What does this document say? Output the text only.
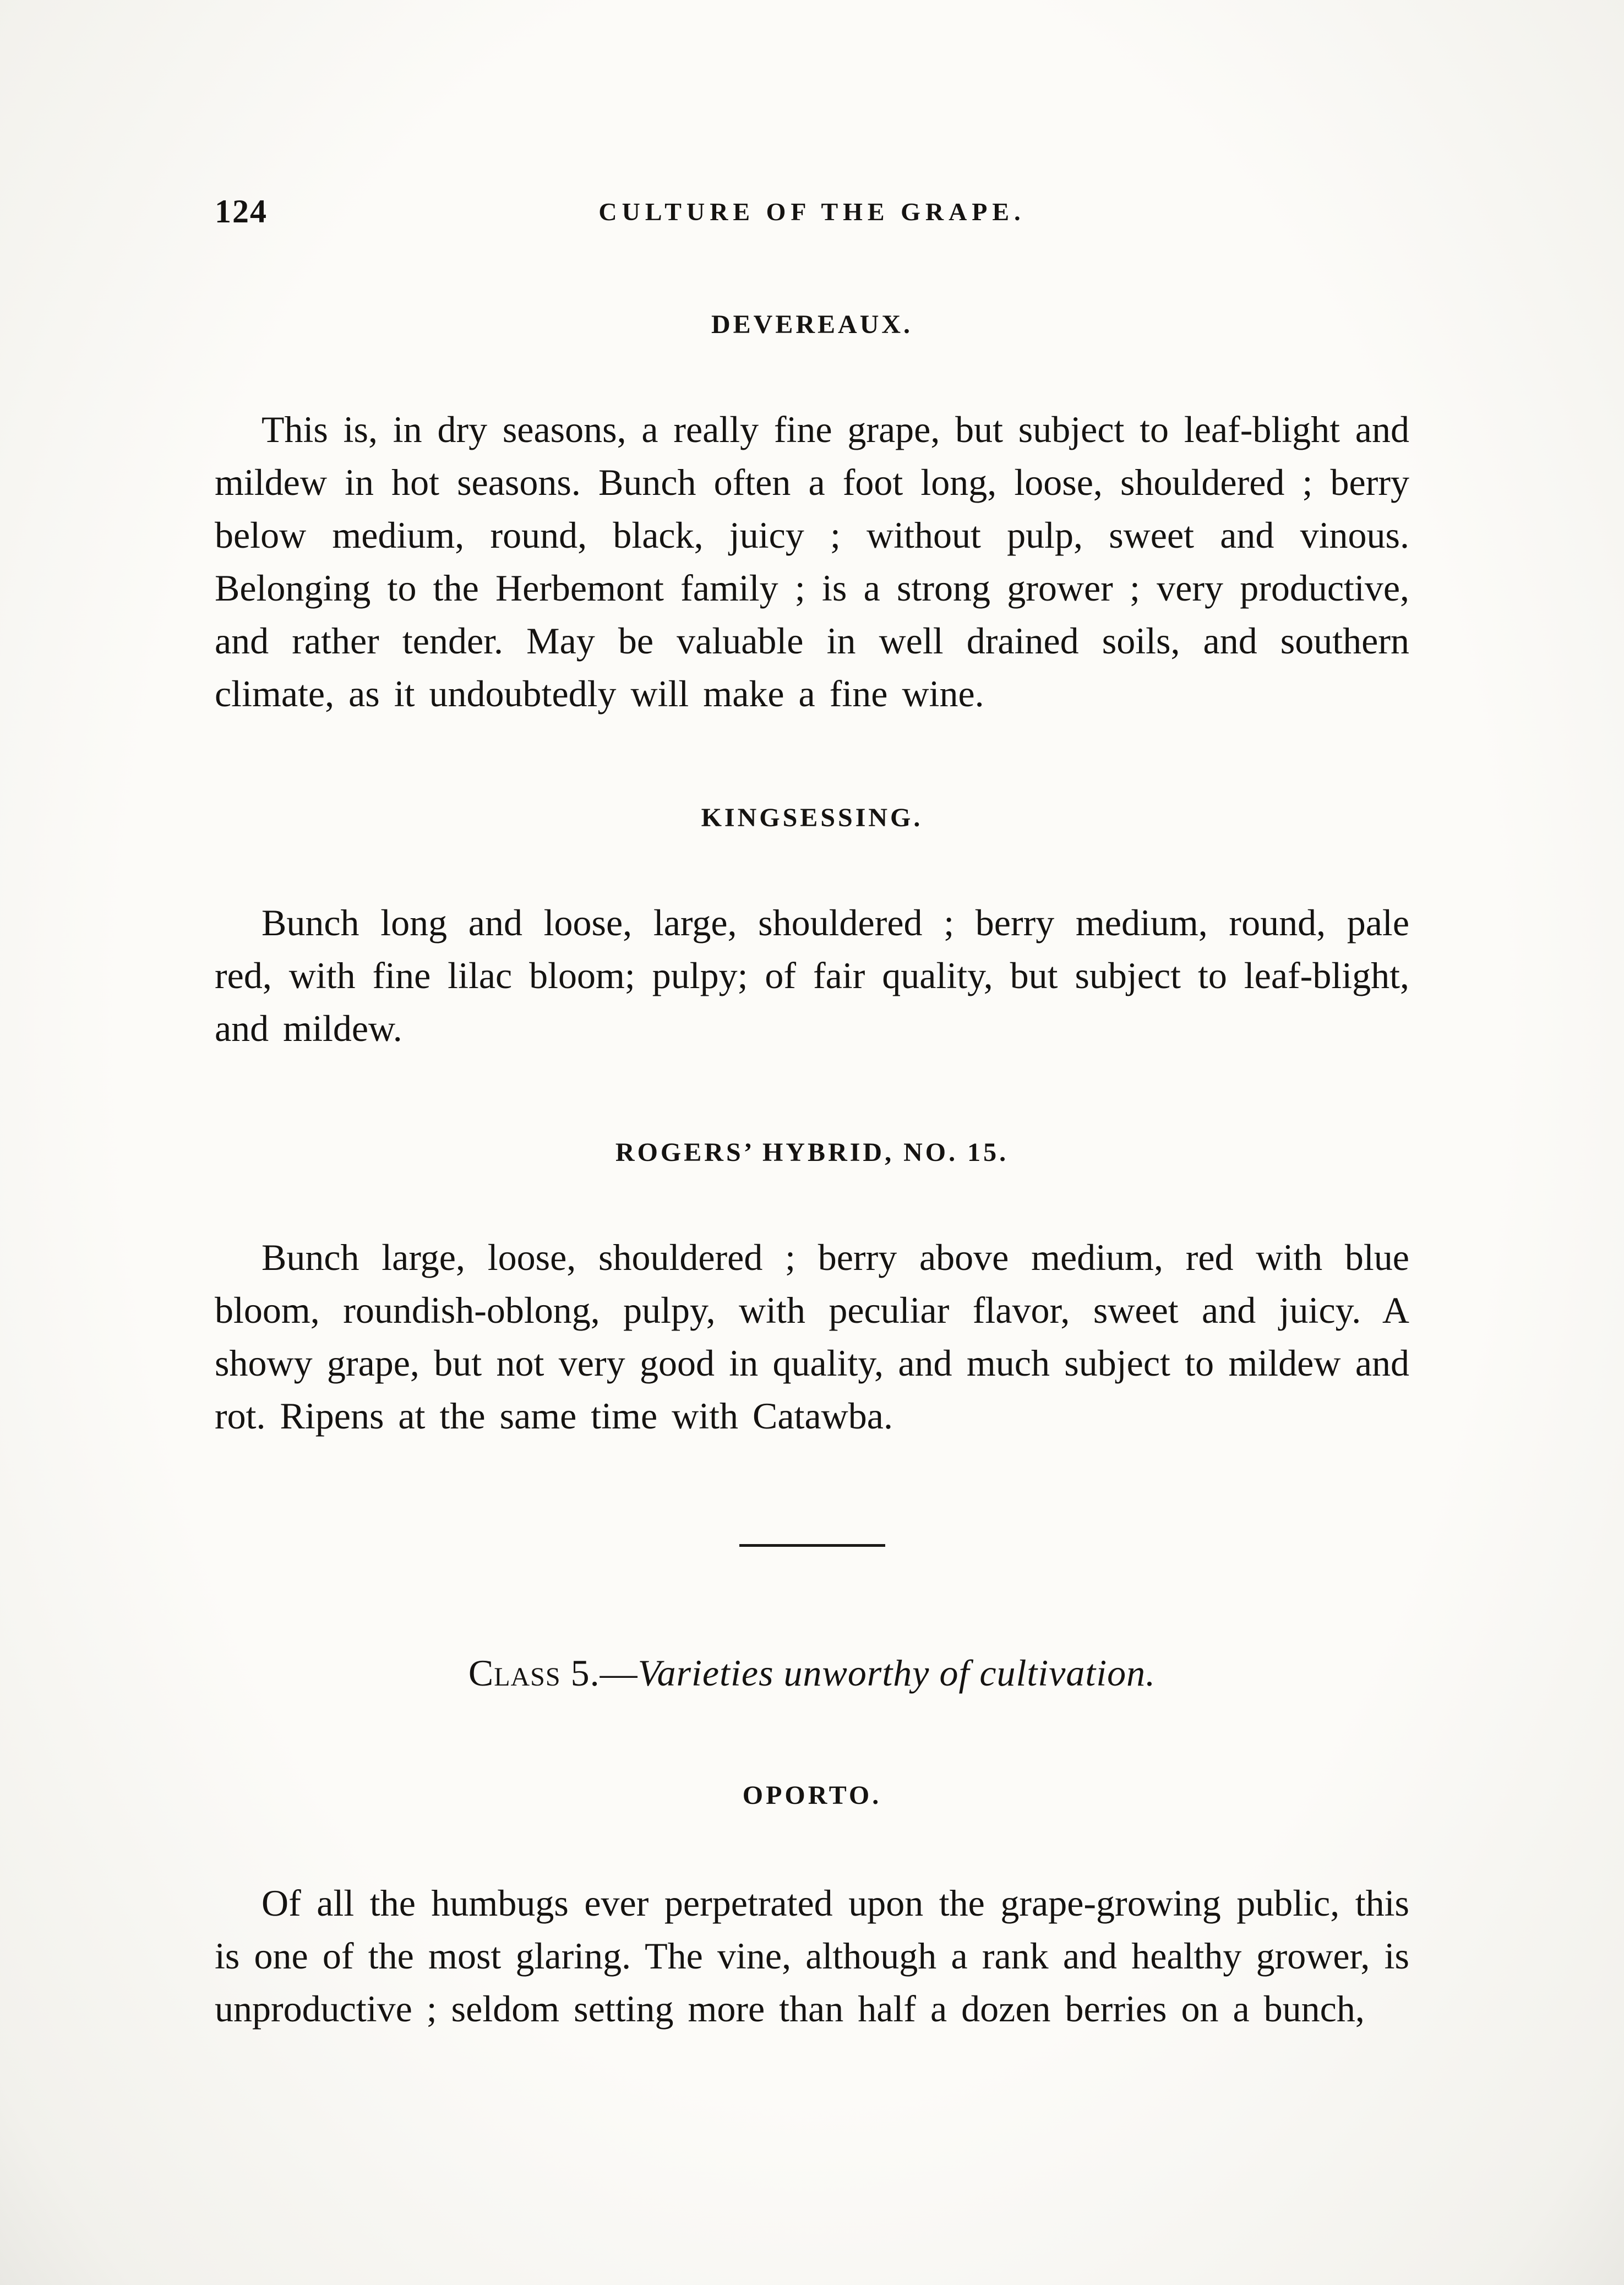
124	CULTURE OF THE GRAPE.
DEVEREAUX.

This is, in dry seasons, a really fine grape, but subject to leaf-blight and mildew in hot seasons. Bunch often a foot long, loose, shouldered ; berry below medium, round, black, juicy ; without pulp, sweet and vinous. Belonging to the Herbemont family ; is a strong grower ; very productive, and rather tender. May be valuable in well drained soils, and southern climate, as it undoubtedly will make a fine wine.

KINGSESSING.

Bunch long and loose, large, shouldered ; berry medium, round, pale red, with fine lilac bloom; pulpy; of fair quality, but subject to leaf-blight, and mildew.

ROGERS’ HYBRID, NO. 15.

Bunch large, loose, shouldered ; berry above medium, red with blue bloom, roundish-oblong, pulpy, with peculiar flavor, sweet and juicy. A showy grape, but not very good in quality, and much subject to mildew and rot. Ripens at the same time with Catawba.

Class 5.—Varieties unworthy of cultivation.
OPORTO.

Of all the humbugs ever perpetrated upon the grape-growing public, this is one of the most glaring. The vine, although a rank and healthy grower, is unproductive ; seldom setting more than half a dozen berries on a bunch,
